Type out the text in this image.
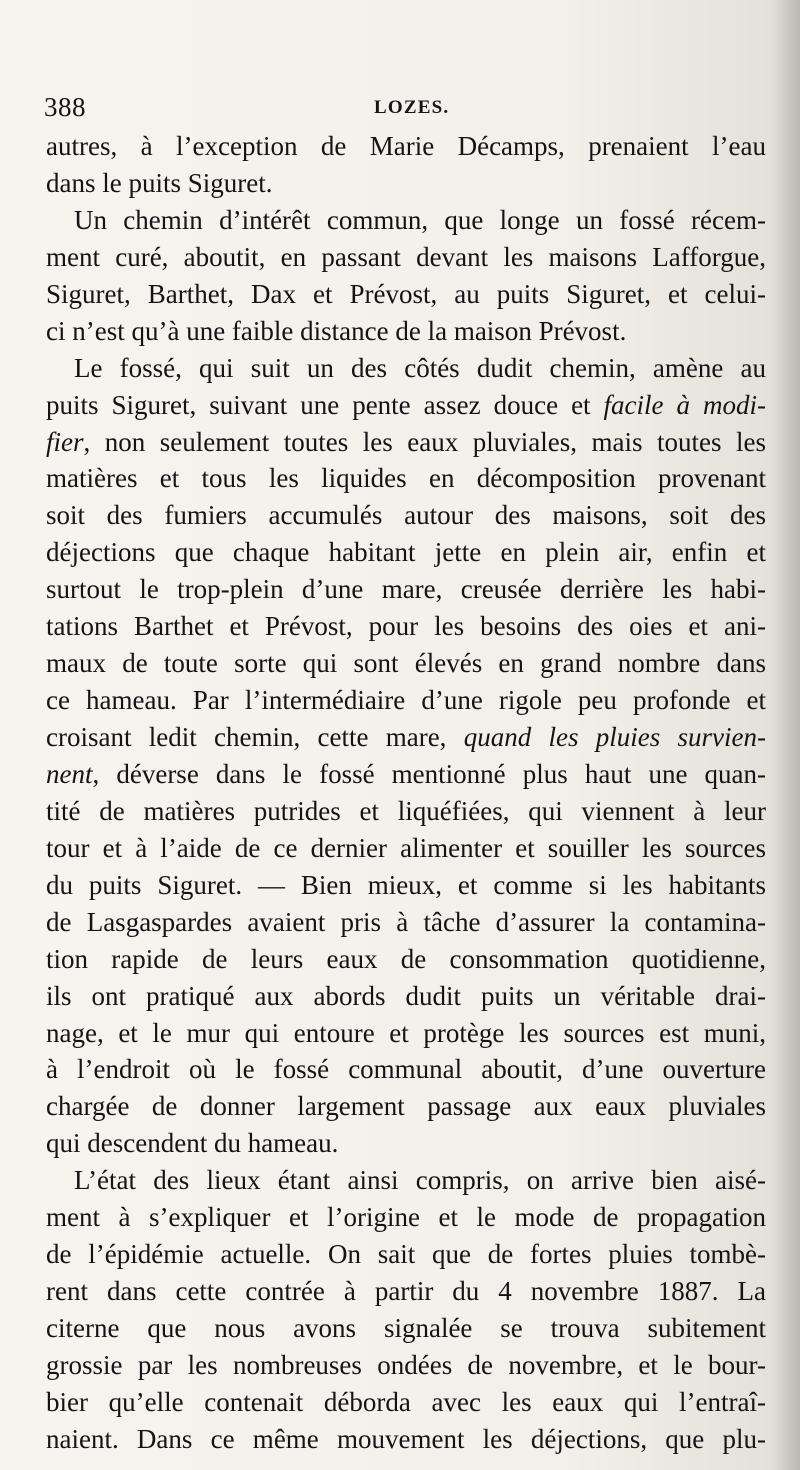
388	LOZES.
autres, à l’exception de Marie Décamps, prenaient l’eau
dans le puits Siguret.
Un chemin d’intérêt commun, que longe un fossé récem-
ment curé, aboutit, en passant devant les maisons Lafforgue,
Siguret, Barthet, Dax et Prévost, au puits Siguret, et celui-
ci n’est qu’à une faible distance de la maison Prévost.
Le fossé, qui suit un des côtés dudit chemin, amène au
puits Siguret, suivant une pente assez douce et facile à modi-
fier, non seulement toutes les eaux pluviales, mais toutes les
matières et tous les liquides en décomposition provenant
soit des fumiers accumulés autour des maisons, soit des
déjections que chaque habitant jette en plein air, enfin et
surtout le trop-plein d’une mare, creusée derrière les habi-
tations Barthet et Prévost, pour les besoins des oies et ani-
maux de toute sorte qui sont élevés en grand nombre dans
ce hameau. Par l’intermédiaire d’une rigole peu profonde et
croisant ledit chemin, cette mare, quand les pluies survien-
nent, déverse dans le fossé mentionné plus haut une quan-
tité de matières putrides et liquéfiées, qui viennent à leur
tour et à l’aide de ce dernier alimenter et souiller les sources
du puits Siguret. — Bien mieux, et comme si les habitants
de Lasgaspardes avaient pris à tâche d’assurer la contamina-
tion rapide de leurs eaux de consommation quotidienne,
ils ont pratiqué aux abords dudit puits un véritable drai-
nage, et le mur qui entoure et protège les sources est muni,
à l’endroit où le fossé communal aboutit, d’une ouverture
chargée de donner largement passage aux eaux pluviales
qui descendent du hameau.
L’état des lieux étant ainsi compris, on arrive bien aisé-
ment à s’expliquer et l’origine et le mode de propagation
de l’épidémie actuelle. On sait que de fortes pluies tombè-
rent dans cette contrée à partir du 4 novembre 1887. La
citerne que nous avons signalée se trouva subitement
grossie par les nombreuses ondées de novembre, et le bour-
bier qu’elle contenait déborda avec les eaux qui l’entraî-
naient. Dans ce même mouvement les déjections, que plu-
